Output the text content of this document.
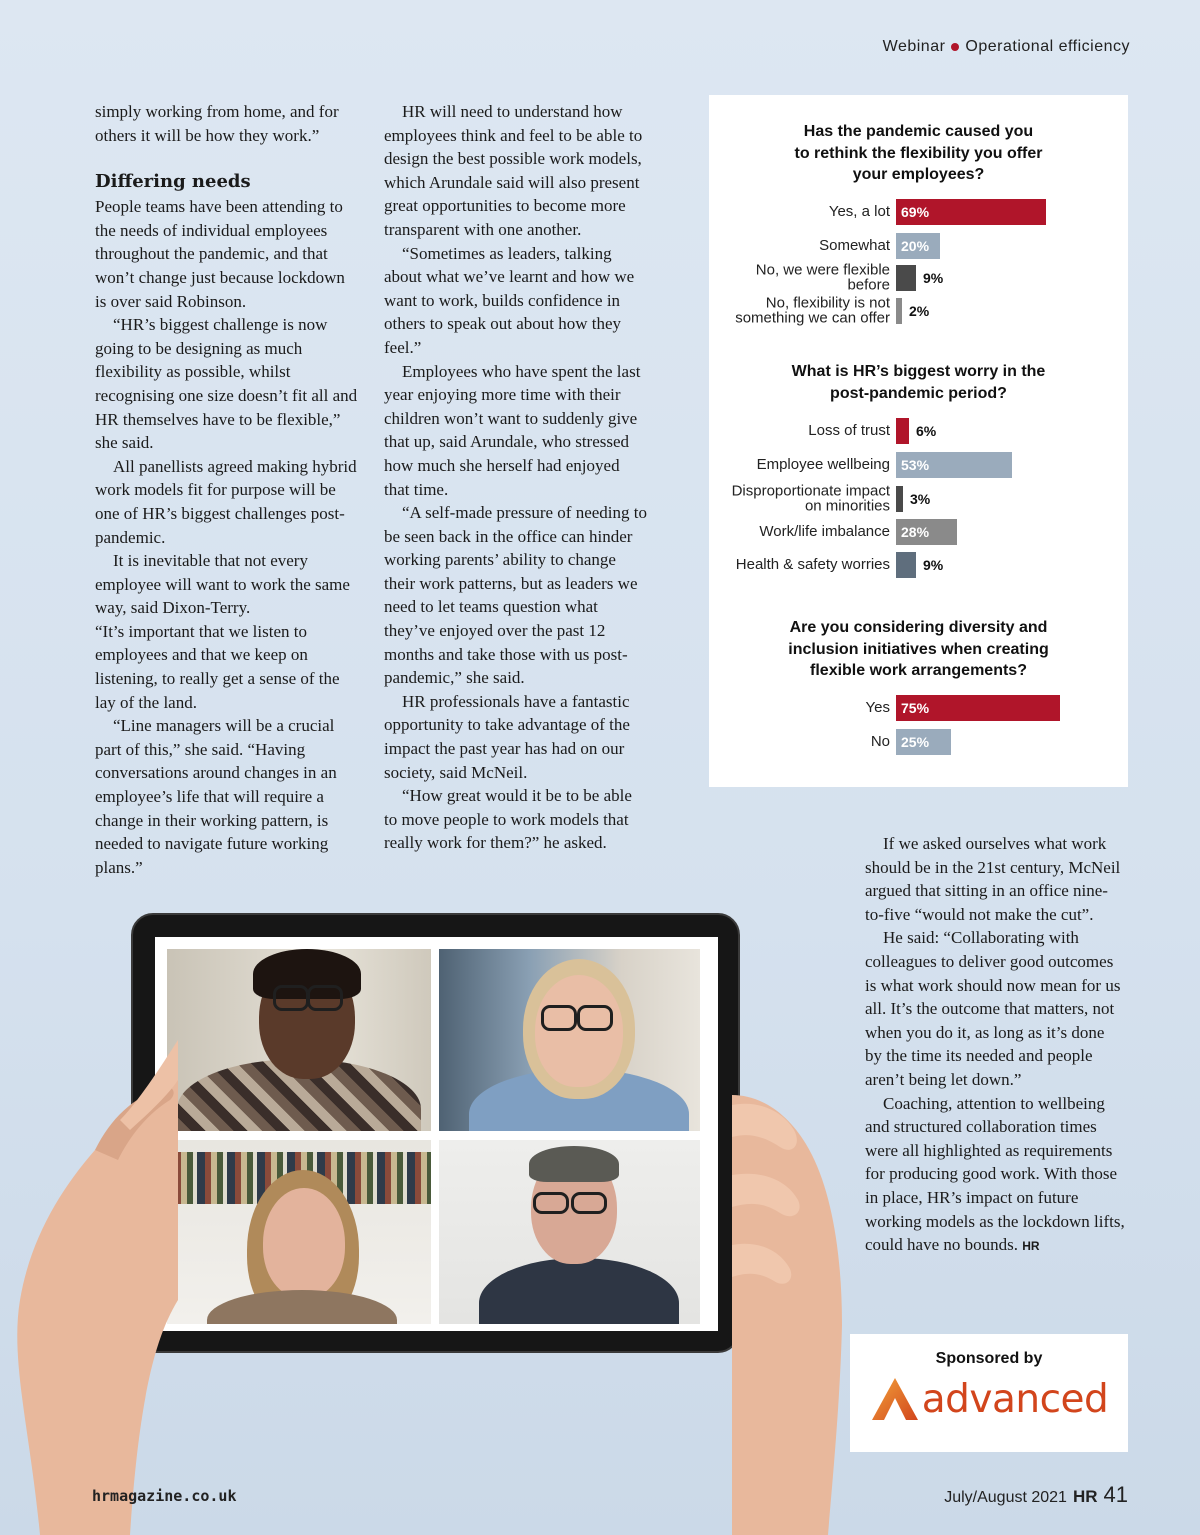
Webinar Operational efficiency

simply working from home, and for others it will be how they work.”

Differing needs

People teams have been attending to the needs of individual employees throughout the pandemic, and that won’t change just because lockdown is over said Robinson.

“HR’s biggest challenge is now going to be designing as much flexibility as possible, whilst recognising one size doesn’t fit all and HR themselves have to be flexible,” she said.

All panellists agreed making hybrid work models fit for purpose will be one of HR’s biggest challenges post-pandemic.

It is inevitable that not every employee will want to work the same way, said Dixon-Terry.

“It’s important that we listen to employees and that we keep on listening, to really get a sense of the lay of the land.

“Line managers will be a crucial part of this,” she said. “Having conversations around changes in an employee’s life that will require a change in their working pattern, is needed to navigate future working plans.”

HR will need to understand how employees think and feel to be able to design the best possible work models, which Arundale said will also present great opportunities to become more transparent with one another.

“Sometimes as leaders, talking about what we’ve learnt and how we want to work, builds confidence in others to speak out about how they feel.”

Employees who have spent the last year enjoying more time with their children won’t want to suddenly give that up, said Arundale, who stressed how much she herself had enjoyed that time.

“A self-made pressure of needing to be seen back in the office can hinder working parents’ ability to change their work patterns, but as leaders we need to let teams question what they’ve enjoyed over the past 12 months and take those with us post-pandemic,” she said.

HR professionals have a fantastic opportunity to take advantage of the impact the past year has had on our society, said McNeil.

“How great would it be to be able to move people to work models that really work for them?” he asked.

Has the pandemic caused you
to rethink the flexibility you offer
your employees?
Yes, a lot 69%
Somewhat 20%
No, we were flexible
before	9%
No, flexibility is not
something we can offer	2%
What is HR’s biggest worry in the
post-pandemic period?
Loss of trust	6%
Employee wellbeing 53%
Disproportionate impact
on minorities	3%
Work/life imbalance 28%
Health & safety worries	9%
Are you considering diversity and
inclusion initiatives when creating
flexible work arrangements?
Yes 75%
No 25%

If we asked ourselves what work should be in the 21st century, McNeil argued that sitting in an office nine-to-five “would not make the cut”.

He said: “Collaborating with colleagues to deliver good outcomes is what work should now mean for us all. It’s the outcome that matters, not when you do it, as long as it’s done by the time its needed and people aren’t being let down.”

Coaching, attention to wellbeing and structured collaboration times were all highlighted as requirements for producing good work. With those in place, HR’s impact on future working models as the lockdown lifts, could have no bounds. HR

Sponsored by
advanced
hrmagazine.co.uk	July/August 2021 HR 41
